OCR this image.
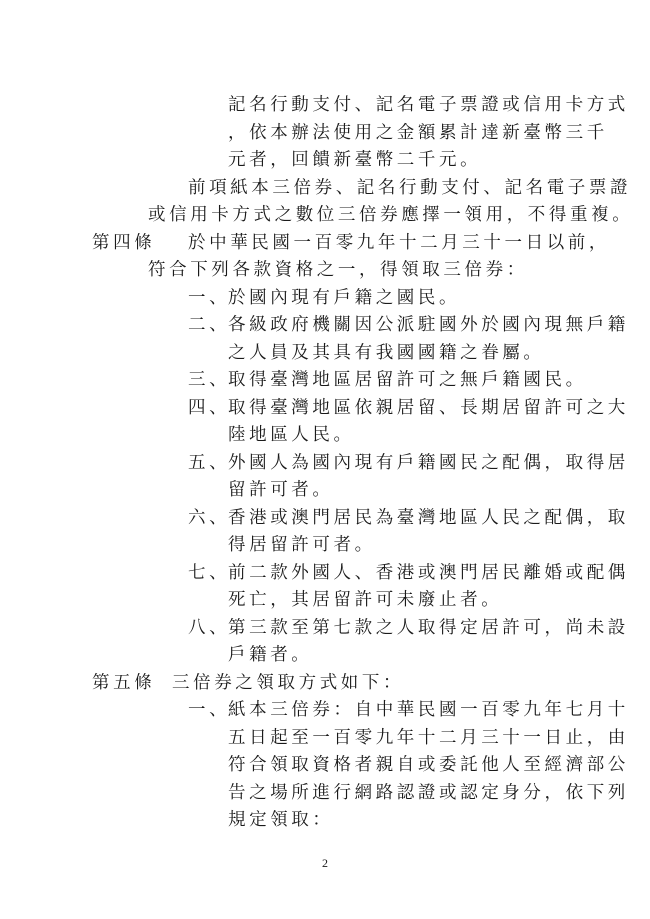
記名行動支付、記名電子票證或信用卡方式
，依本辦法使用之金額累計達新臺幣三千
元者，回饋新臺幣二千元。
前項紙本三倍券、記名行動支付、記名電子票證
或信用卡方式之數位三倍券應擇一領用，不得重複。
第四條 於中華民國一百零九年十二月三十一日以前，
符合下列各款資格之一，得領取三倍券：
一、
於國內現有戶籍之國民。
二、
各級政府機關因公派駐國外於國內現無戶籍
之人員及其具有我國國籍之眷屬。
三、
取得臺灣地區居留許可之無戶籍國民。
四、
取得臺灣地區依親居留、長期居留許可之大
陸地區人民。
五、
外國人為國內現有戶籍國民之配偶，取得居
留許可者。
六、
香港或澳門居民為臺灣地區人民之配偶，取
得居留許可者。
七、
前二款外國人、香港或澳門居民離婚或配偶
死亡，其居留許可未廢止者。
八、
第三款至第七款之人取得定居許可，尚未設
戶籍者。
第五條 三倍券之領取方式如下：
一、
紙本三倍券：自中華民國一百零九年七月十
五日起至一百零九年十二月三十一日止，由
符合領取資格者親自或委託他人至經濟部公
告之場所進行網路認證或認定身分，依下列
規定領取：
2
